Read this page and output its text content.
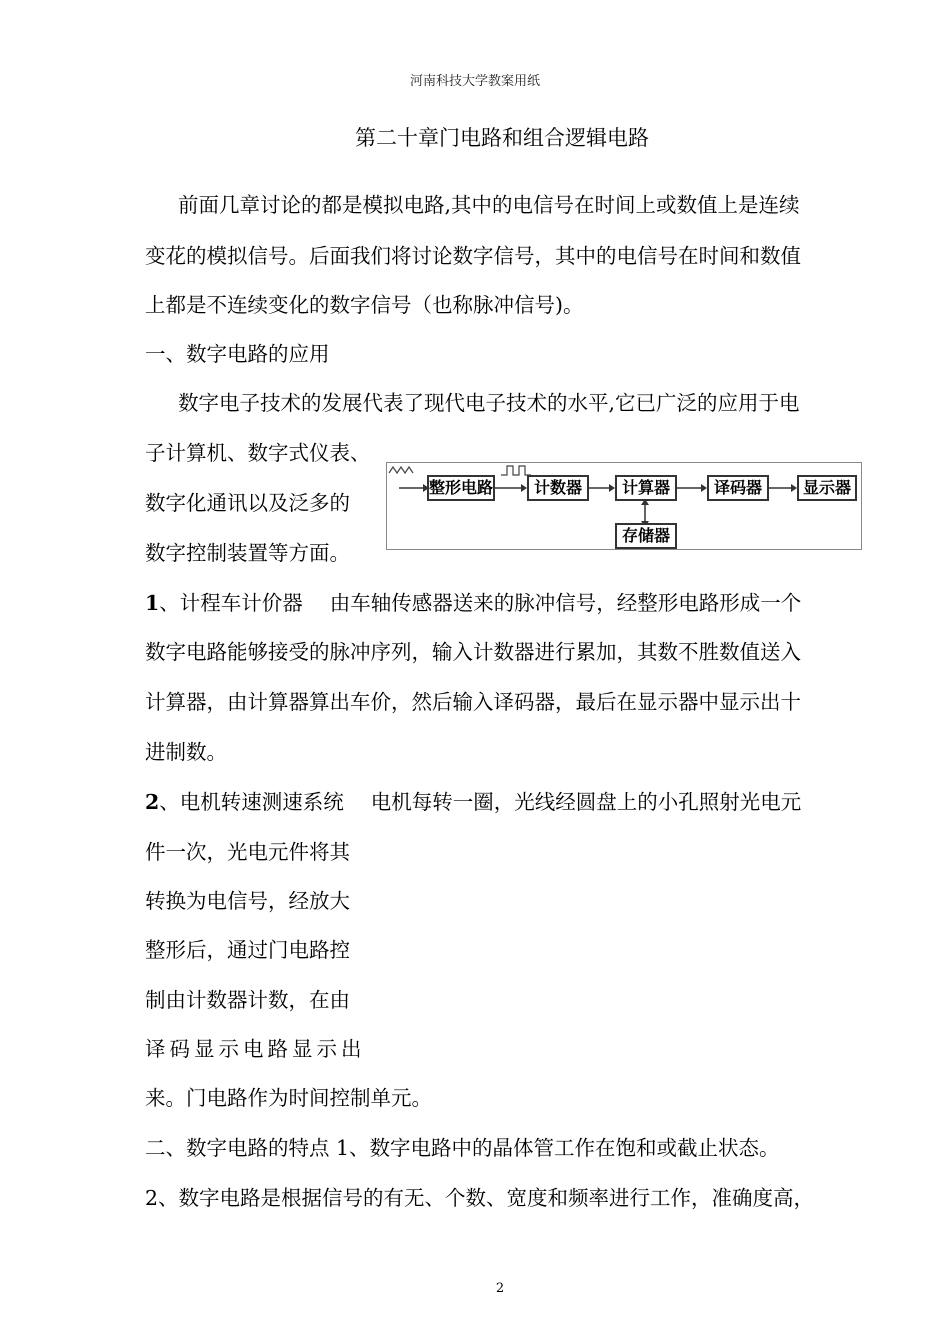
河南科技大学教案用纸
第二十章门电路和组合逻辑电路
前面几章讨论的都是模拟电路,其中的电信号在时间上或数值上是连续
变花的模拟信号。后面我们将讨论数字信号，其中的电信号在时间和数值
上都是不连续变化的数字信号（也称脉冲信号)。
一、数字电路的应用
数字电子技术的发展代表了现代电子技术的水平,它已广泛的应用于电
子计算机、数字式仪表、
数字化通讯以及泛多的
数字控制装置等方面。
整形电路	计数器	计算器	译码器	显示器
存储器
1、计程车计价器　 由车轴传感器送来的脉冲信号，经整形电路形成一个
数字电路能够接受的脉冲序列，输入计数器进行累加，其数不胜数值送入
计算器，由计算器算出车价，然后输入译码器，最后在显示器中显示出十
进制数。
2、电机转速测速系统　 电机每转一圈，光线经圆盘上的小孔照射光电元
件一次，光电元件将其
转换为电信号，经放大
整形后，通过门电路控
制由计数器计数，在由
译码显示电路显示出
来。门电路作为时间控制单元。
二、数字电路的特点 1、数字电路中的晶体管工作在饱和或截止状态。
2、数字电路是根据信号的有无、个数、宽度和频率进行工作，准确度高，
2
